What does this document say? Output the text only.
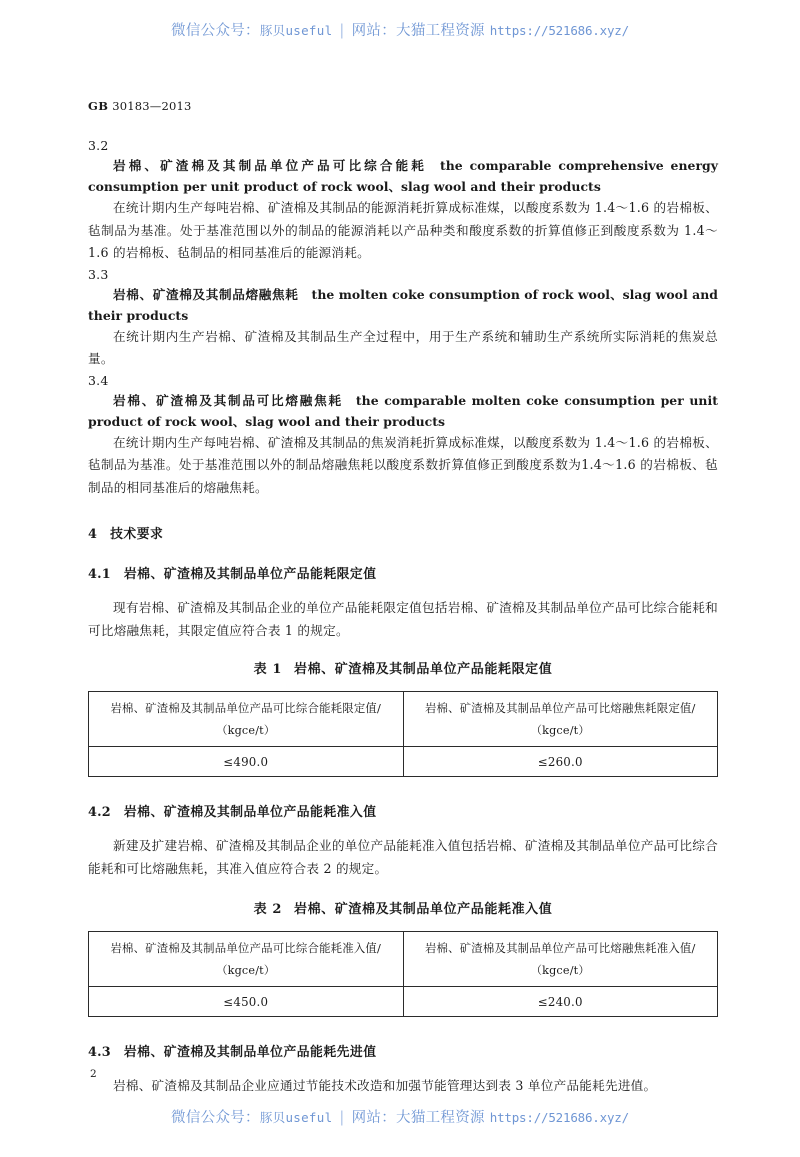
微信公众号：豚贝useful | 网站：大猫工程资源 https://521686.xyz/
GB 30183—2013

3.2

岩棉、矿渣棉及其制品单位产品可比综合能耗 the comparable comprehensive energy consumption per unit product of rock wool、slag wool and their products

在统计期内生产每吨岩棉、矿渣棉及其制品的能源消耗折算成标准煤，以酸度系数为 1.4～1.6 的岩棉板、毡制品为基准。处于基准范围以外的制品的能源消耗以产品种类和酸度系数的折算值修正到酸度系数为 1.4～1.6 的岩棉板、毡制品的相同基准后的能源消耗。

3.3

岩棉、矿渣棉及其制品熔融焦耗 the molten coke consumption of rock wool、slag wool and their products

在统计期内生产岩棉、矿渣棉及其制品生产全过程中，用于生产系统和辅助生产系统所实际消耗的焦炭总量。

3.4

岩棉、矿渣棉及其制品可比熔融焦耗 the comparable molten coke consumption per unit product of rock wool、slag wool and their products

在统计期内生产每吨岩棉、矿渣棉及其制品的焦炭消耗折算成标准煤，以酸度系数为 1.4～1.6 的岩棉板、毡制品为基准。处于基准范围以外的制品熔融焦耗以酸度系数折算值修正到酸度系数为1.4～1.6 的岩棉板、毡制品的相同基准后的熔融焦耗。

4 技术要求

4.1 岩棉、矿渣棉及其制品单位产品能耗限定值

现有岩棉、矿渣棉及其制品企业的单位产品能耗限定值包括岩棉、矿渣棉及其制品单位产品可比综合能耗和可比熔融焦耗，其限定值应符合表 1 的规定。

表 1 岩棉、矿渣棉及其制品单位产品能耗限定值

岩棉、矿渣棉及其制品单位产品可比综合能耗限定值/
（kgce/t）	岩棉、矿渣棉及其制品单位产品可比熔融焦耗限定值/
（kgce/t）
≤490.0	≤260.0

4.2 岩棉、矿渣棉及其制品单位产品能耗准入值

新建及扩建岩棉、矿渣棉及其制品企业的单位产品能耗准入值包括岩棉、矿渣棉及其制品单位产品可比综合能耗和可比熔融焦耗，其准入值应符合表 2 的规定。

表 2 岩棉、矿渣棉及其制品单位产品能耗准入值

岩棉、矿渣棉及其制品单位产品可比综合能耗准入值/
（kgce/t）	岩棉、矿渣棉及其制品单位产品可比熔融焦耗准入值/
（kgce/t）
≤450.0	≤240.0

4.3 岩棉、矿渣棉及其制品单位产品能耗先进值

岩棉、矿渣棉及其制品企业应通过节能技术改造和加强节能管理达到表 3 单位产品能耗先进值。

2
微信公众号：豚贝useful | 网站：大猫工程资源 https://521686.xyz/
